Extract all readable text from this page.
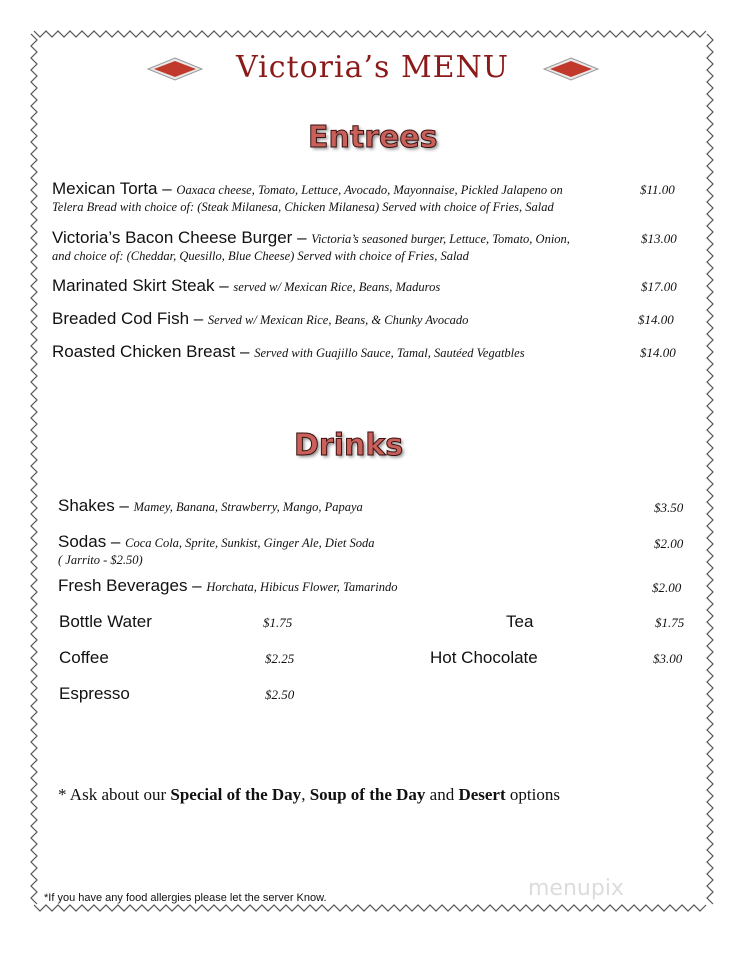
Victoria’s MENU
Entrees
Mexican Torta – Oaxaca cheese, Tomato, Lettuce, Avocado, Mayonnaise, Pickled Jalapeno on
Telera Bread with choice of: (Steak Milanesa, Chicken Milanesa) Served with choice of Fries, Salad
$11.00
Victoria’s Bacon Cheese Burger – Victoria’s seasoned burger, Lettuce, Tomato, Onion,
and choice of: (Cheddar, Quesillo, Blue Cheese) Served with choice of Fries, Salad
$13.00
Marinated Skirt Steak – served w/ Mexican Rice, Beans, Maduros	$17.00
Breaded Cod Fish – Served w/ Mexican Rice, Beans, & Chunky Avocado	$14.00
Roasted Chicken Breast – Served with Guajillo Sauce, Tamal, Sautéed Vegatbles	$14.00
Drinks
Shakes – Mamey, Banana, Strawberry, Mango, Papaya	$3.50
Sodas – Coca Cola, Sprite, Sunkist, Ginger Ale, Diet Soda
( Jarrito - $2.50)
$2.00
Fresh Beverages – Horchata, Hibicus Flower, Tamarindo	$2.00
Bottle Water	$1.75	Tea	$1.75
Coffee	$2.25	Hot Chocolate	$3.00
Espresso	$2.50
* Ask about our Special of the Day, Soup of the Day and Desert options
*If you have any food allergies please let the server Know.	menupix
